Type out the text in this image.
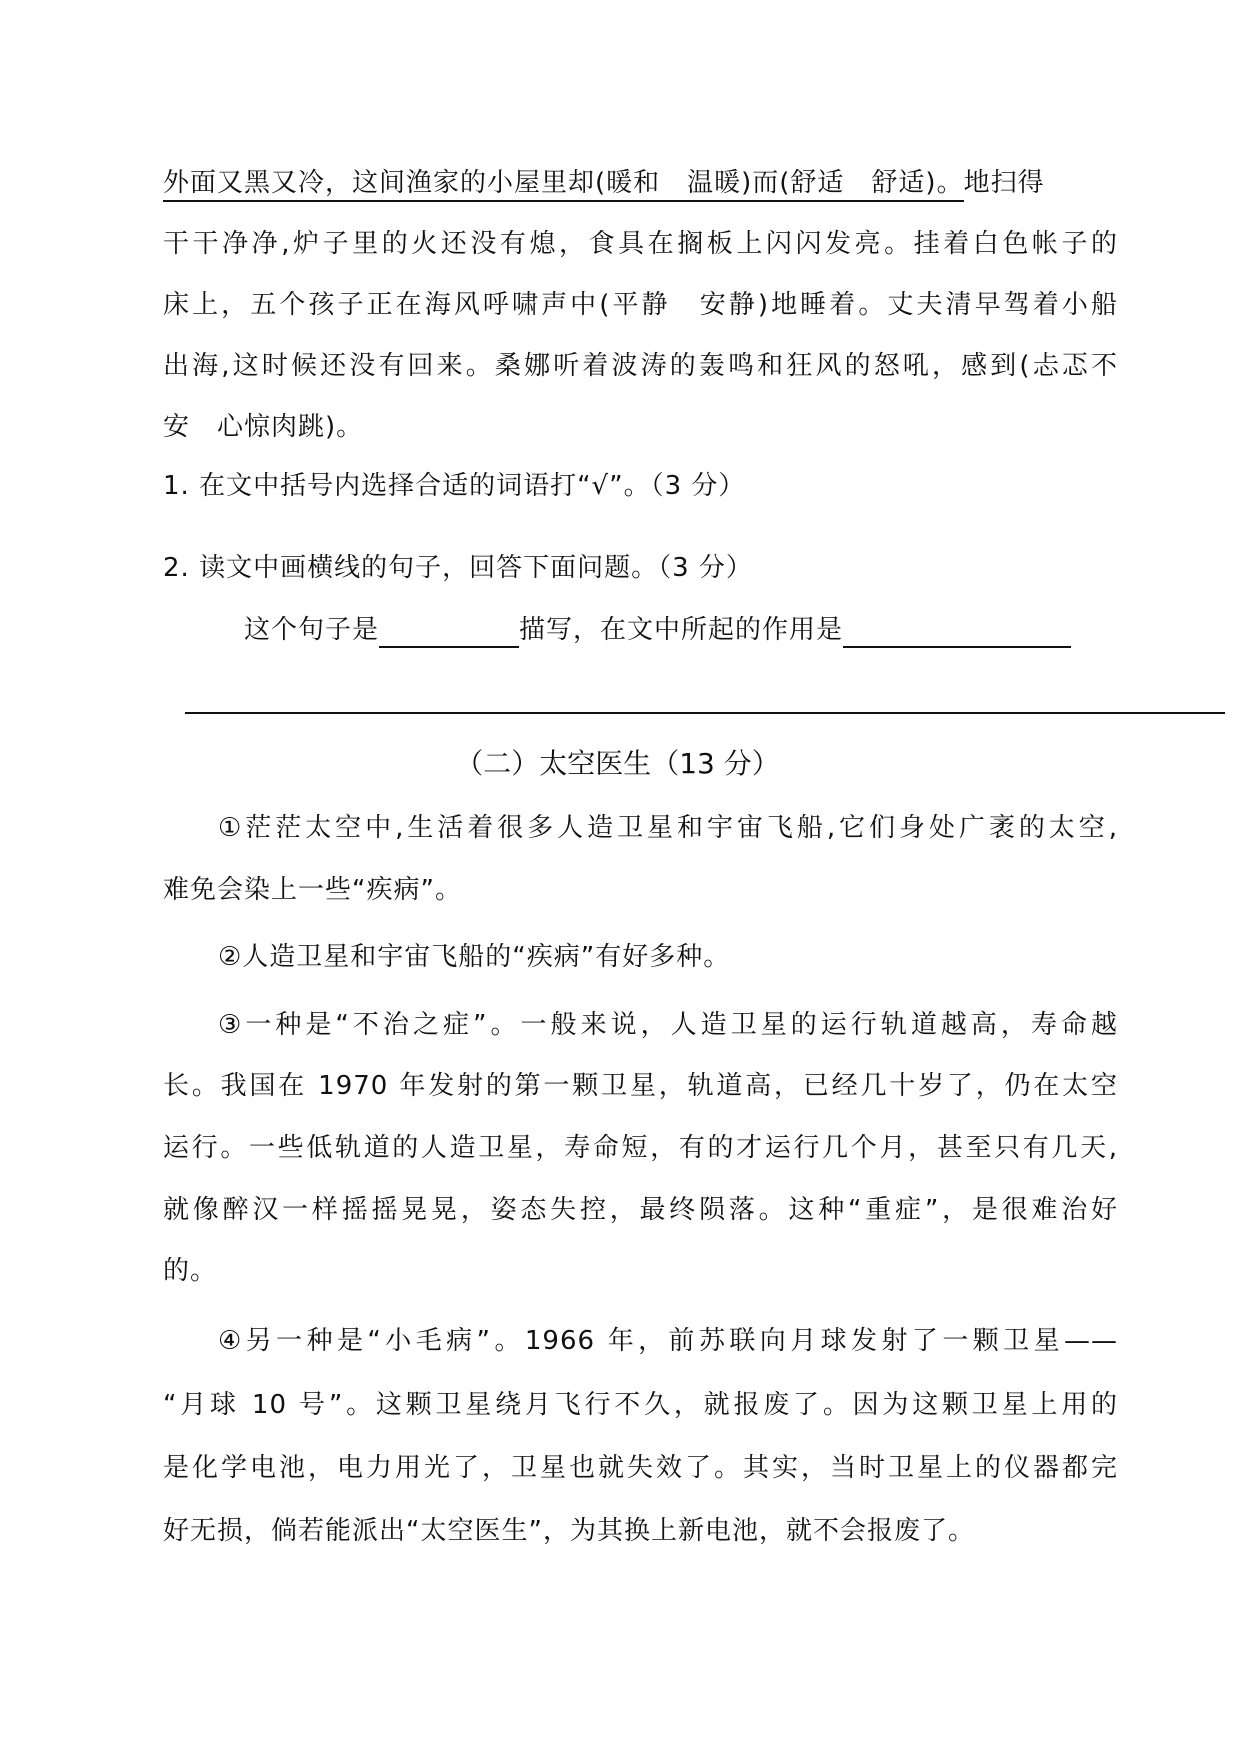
外面又黑又冷，这间渔家的小屋里却(暖和　温暖)而(舒适　舒适)。地扫得
干干净净,炉子里的火还没有熄，食具在搁板上闪闪发亮。挂着白色帐子的
床上，五个孩子正在海风呼啸声中(平静　安静)地睡着。丈夫清早驾着小船
出海,这时候还没有回来。桑娜听着波涛的轰鸣和狂风的怒吼，感到(忐忑不
安　心惊肉跳)。
1. 在文中括号内选择合适的词语打“√”。（3 分）
2. 读文中画横线的句子，回答下面问题。（3 分）
这个句子是	描写，在文中所起的作用是
（二）太空医生（13 分）
①茫茫太空中,生活着很多人造卫星和宇宙飞船,它们身处广袤的太空,
难免会染上一些“疾病”。
②人造卫星和宇宙飞船的“疾病”有好多种。
③一种是“不治之症”。一般来说，人造卫星的运行轨道越高，寿命越
长。我国在 1970 年发射的第一颗卫星，轨道高，已经几十岁了，仍在太空
运行。一些低轨道的人造卫星，寿命短，有的才运行几个月，甚至只有几天,
就像醉汉一样摇摇晃晃，姿态失控，最终陨落。这种“重症”，是很难治好
的。
④另一种是“小毛病”。1966 年，前苏联向月球发射了一颗卫星——
“月球 10 号”。这颗卫星绕月飞行不久，就报废了。因为这颗卫星上用的
是化学电池，电力用光了，卫星也就失效了。其实，当时卫星上的仪器都完
好无损，倘若能派出“太空医生”，为其换上新电池，就不会报废了。
